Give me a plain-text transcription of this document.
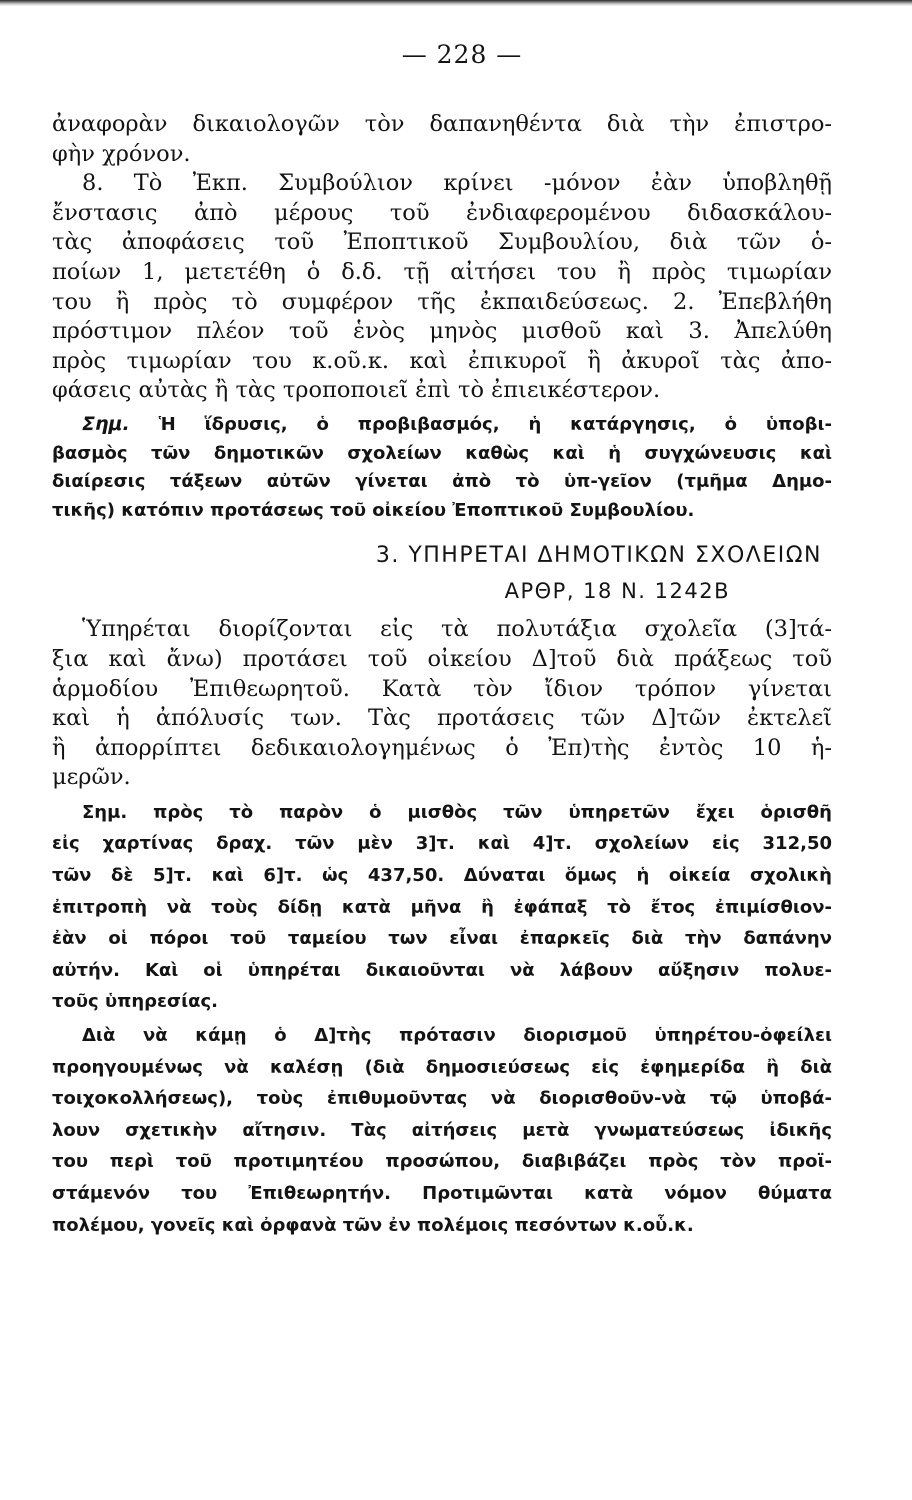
— 228 —

ἀναφορὰν δικαιολογῶν τὸν δαπανηθέντα διὰ τὴν ἐπιστρο-
φὴν χρόνον.

8. Τὸ Ἐκπ. Συμβούλιον κρίνει -μόνον ἐὰν ὑποβληθῇ
ἔνστασις ἀπὸ μέρους τοῦ ἐνδιαφερομένου διδασκάλου-
τὰς ἀποφάσεις τοῦ Ἐποπτικοῦ Συμβουλίου, διὰ τῶν ὁ-
ποίων 1, μετετέθη ὁ δ.δ. τῇ αἰτήσει του ἢ πρὸς τιμωρίαν
του ἢ πρὸς τὸ συμφέρον τῆς ἐκπαιδεύσεως. 2. Ἐπεβλήθη
πρόστιμον πλέον τοῦ ἑνὸς μηνὸς μισθοῦ καὶ 3. Ἀπελύθη
πρὸς τιμωρίαν του κ.οῦ.κ. καὶ ἐπικυροῖ ἢ ἀκυροῖ τὰς ἀπο-
φάσεις αὐτὰς ἢ τὰς τροποποιεῖ ἐπὶ τὸ ἐπιεικέστερον.

Σημ. Ἡ ἵδρυσις, ὁ προβιβασμός, ἡ κατάργησις, ὁ ὑποβι-
βασμὸς τῶν δημοτικῶν σχολείων καθὼς καὶ ἡ συγχώνευσις καὶ
διαίρεσις τάξεων αὐτῶν γίνεται ἀπὸ τὸ ὑπ-γεῖον (τμῆμα Δημο-
τικῆς) κατόπιν προτάσεως τοῦ οἰκείου Ἐποπτικοῦ Συμβουλίου.
3. ΥΠΗΡΕΤΑΙ ΔΗΜΟΤΙΚΩΝ ΣΧΟΛΕΙΩΝ
ΑΡΘΡ, 18 Ν. 1242Β

Ὑπηρέται διορίζονται εἰς τὰ πολυτάξια σχολεῖα (3]τά-
ξια καὶ ἄνω) προτάσει τοῦ οἰκείου Δ]τοῦ διὰ πράξεως τοῦ
ἁρμοδίου Ἐπιθεωρητοῦ. Κατὰ τὸν ἴδιον τρόπον γίνεται
καὶ ἡ ἀπόλυσίς των. Τὰς προτάσεις τῶν Δ]τῶν ἐκτελεῖ
ἢ ἀπορρίπτει δεδικαιολογημένως ὁ Ἐπ)τὴς ἐντὸς 10 ἡ-
μερῶν.

Σημ. πρὸς τὸ παρὸν ὁ μισθὸς τῶν ὑπηρετῶν ἔχει ὁρισθῆ
εἰς χαρτίνας δραχ. τῶν μὲν 3]τ. καὶ 4]τ. σχολείων εἰς 312,50
τῶν δὲ 5]τ. καὶ 6]τ. ὡς 437,50. Δύναται ὅμως ἡ οἰκεία σχολικὴ
ἐπιτροπὴ νὰ τοὺς δίδῃ κατὰ μῆνα ἢ ἐφάπαξ τὸ ἔτος ἐπιμίσθιον-
ἐὰν οἱ πόροι τοῦ ταμείου των εἶναι ἐπαρκεῖς διὰ τὴν δαπάνην
αὐτήν. Καὶ οἱ ὑπηρέται δικαιοῦνται νὰ λάβουν αὔξησιν πολυε-
τοῦς ὑπηρεσίας.
Διὰ νὰ κάμῃ ὁ Δ]τὴς πρότασιν διορισμοῦ ὑπηρέτου-ὀφείλει
προηγουμένως νὰ καλέσῃ (διὰ δημοσιεύσεως εἰς ἐφημερίδα ἢ διὰ
τοιχοκολλήσεως), τοὺς ἐπιθυμοῦντας νὰ διορισθοῦν-νὰ τῷ ὑποβά-
λουν σχετικὴν αἴτησιν. Τὰς αἰτήσεις μετὰ γνωματεύσεως ἰδικῆς
του περὶ τοῦ προτιμητέου προσώπου, διαβιβάζει πρὸς τὸν προϊ-
στάμενόν του Ἐπιθεωρητήν. Προτιμῶνται κατὰ νόμον θύματα
πολέμου, γονεῖς καὶ ὀρφανὰ τῶν ἐν πολέμοις πεσόντων κ.οὗ.κ.
